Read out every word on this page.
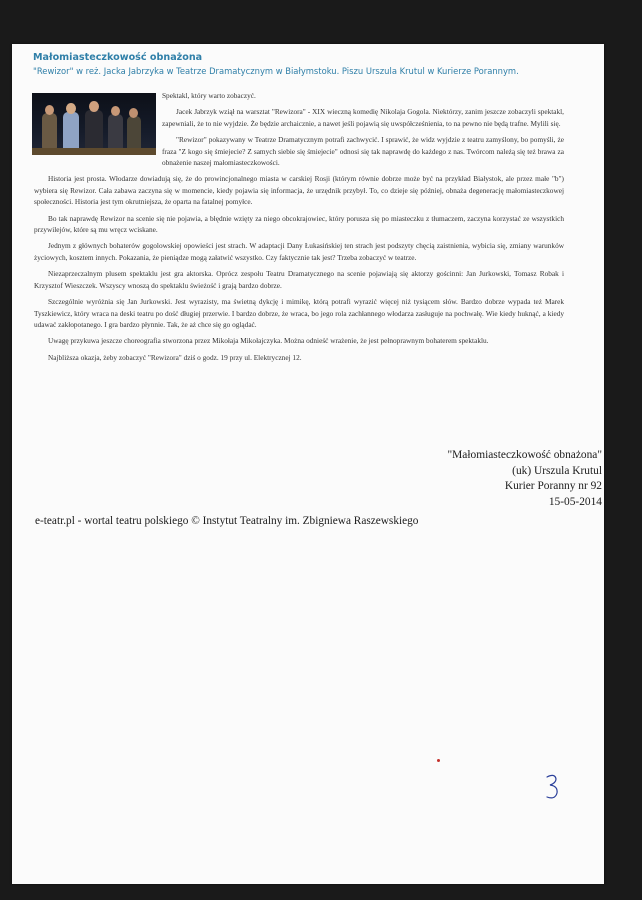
Małomiasteczkowość obnażona

"Rewizor" w reż. Jacka Jabrzyka w Teatrze Dramatycznym w Białymstoku. Piszu Urszula Krutul w Kurierze Porannym.

Spektakl, który warto zobaczyć.

Jacek Jabrzyk wziął na warsztat "Rewizora" - XIX wieczną komedię Nikolaja Gogola. Niektórzy, zanim jeszcze zobaczyli spektakl, zapewniali, że to nie wyjdzie. Że będzie archaicznie, a nawet jeśli pojawią się uwspółcześnienia, to na pewno nie będą trafne. Mylili się.

"Rewizor" pokazywany w Teatrze Dramatycznym potrafi zachwycić. I sprawić, że widz wyjdzie z teatru zamyślony, bo pomyśli, że fraza "Z kogo się śmiejecie? Z samych siebie się śmiejecie" odnosi się tak naprawdę do każdego z nas. Twórcom należą się też brawa za obnażenie naszej małomiasteczkowości.

Historia jest prosta. Włodarze dowiadują się, że do prowincjonalnego miasta w carskiej Rosji (którym równie dobrze może być na przykład Białystok, ale przez małe "b") wybiera się Rewizor. Cała zabawa zaczyna się w momencie, kiedy pojawia się informacja, że urzędnik przybył. To, co dzieje się później, obnaża degenerację małomiasteczkowej społeczności. Historia jest tym okrutniejsza, że oparta na fatalnej pomyłce.

Bo tak naprawdę Rewizor na scenie się nie pojawia, a błędnie wzięty za niego obcokrajowiec, który porusza się po miasteczku z tłumaczem, zaczyna korzystać ze wszystkich przywilejów, które są mu wręcz wciskane.

Jednym z głównych bohaterów gogolowskiej opowieści jest strach. W adaptacji Dany Łukasińskiej ten strach jest podszyty chęcią zaistnienia, wybicia się, zmiany warunków życiowych, kosztem innych. Pokazania, że pieniądze mogą załatwić wszystko. Czy faktycznie tak jest? Trzeba zobaczyć w teatrze.

Niezaprzeczalnym plusem spektaklu jest gra aktorska. Oprócz zespołu Teatru Dramatycznego na scenie pojawiają się aktorzy gościnni: Jan Jurkowski, Tomasz Robak i Krzysztof Wieszczek. Wszyscy wnoszą do spektaklu świeżość i grają bardzo dobrze.

Szczególnie wyróżnia się Jan Jurkowski. Jest wyrazisty, ma świetną dykcję i mimikę, którą potrafi wyrazić więcej niż tysiącem słów. Bardzo dobrze wypada też Marek Tyszkiewicz, który wraca na deski teatru po dość długiej przerwie. I bardzo dobrze, że wraca, bo jego rola zachłannego włodarza zasługuje na pochwałę. Wie kiedy huknąć, a kiedy udawać zakłopotanego. I gra bardzo płynnie. Tak, że aż chce się go oglądać.

Uwagę przykuwa jeszcze choreografia stworzona przez Mikołaja Mikołajczyka. Można odnieść wrażenie, że jest pełnoprawnym bohaterem spektaklu.

Najbliższa okazja, żeby zobaczyć "Rewizora" dziś o godz. 19 przy ul. Elektrycznej 12.

"Małomiasteczkowość obnażona"
(uk) Urszula Krutul
Kurier Poranny nr 92
15-05-2014
e-teatr.pl - wortal teatru polskiego © Instytut Teatralny im. Zbigniewa Raszewskiego
